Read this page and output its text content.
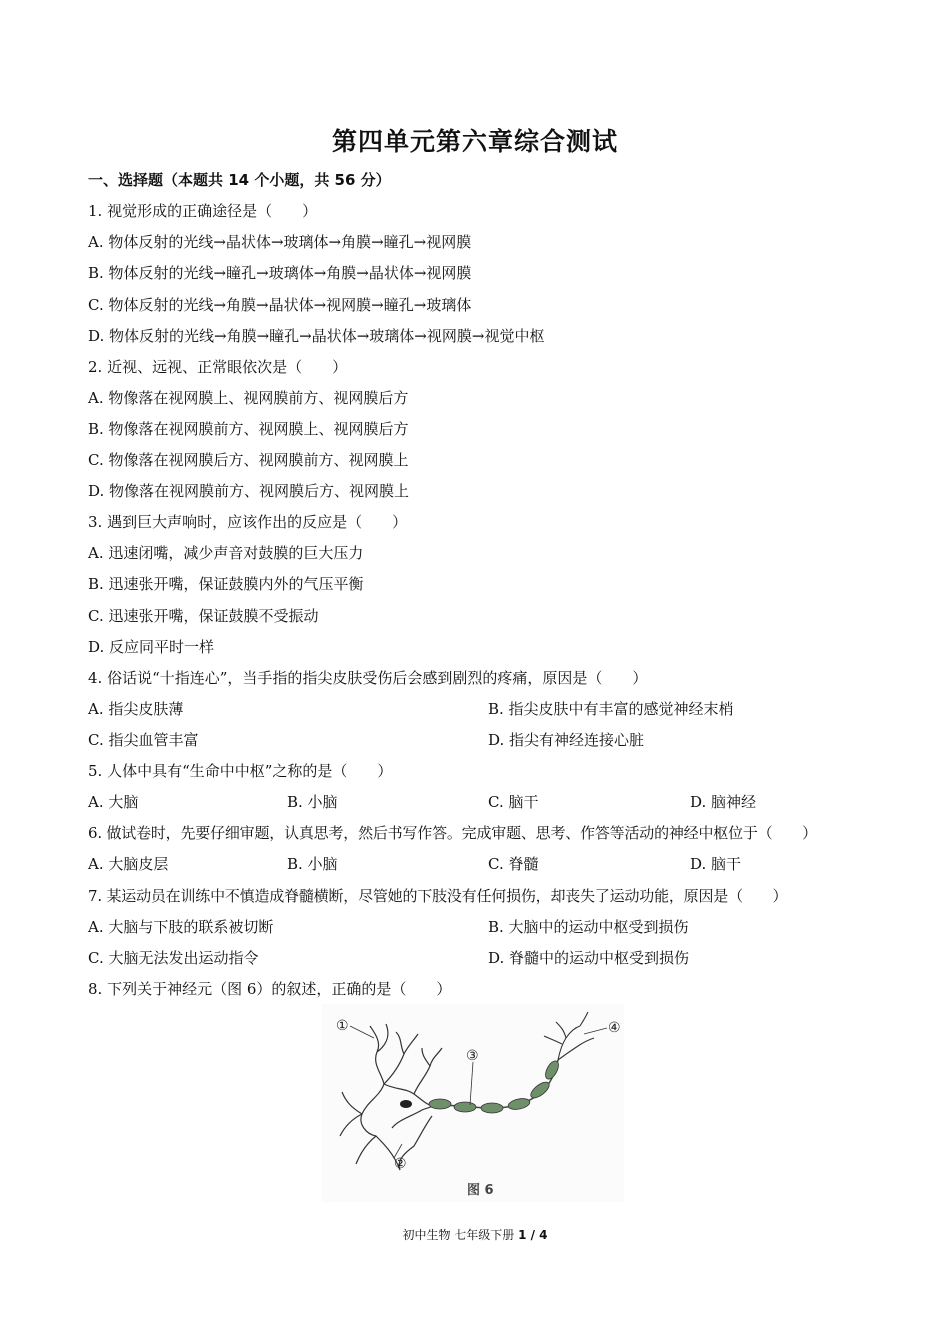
第四单元第六章综合测试
一、选择题（本题共 14 个小题，共 56 分）
1. 视觉形成的正确途径是（　　）
A. 物体反射的光线→晶状体→玻璃体→角膜→瞳孔→视网膜
B. 物体反射的光线→瞳孔→玻璃体→角膜→晶状体→视网膜
C. 物体反射的光线→角膜→晶状体→视网膜→瞳孔→玻璃体
D. 物体反射的光线→角膜→瞳孔→晶状体→玻璃体→视网膜→视觉中枢
2. 近视、远视、正常眼依次是（　　）
A. 物像落在视网膜上、视网膜前方、视网膜后方
B. 物像落在视网膜前方、视网膜上、视网膜后方
C. 物像落在视网膜后方、视网膜前方、视网膜上
D. 物像落在视网膜前方、视网膜后方、视网膜上
3. 遇到巨大声响时，应该作出的反应是（　　）
A. 迅速闭嘴，减少声音对鼓膜的巨大压力
B. 迅速张开嘴，保证鼓膜内外的气压平衡
C. 迅速张开嘴，保证鼓膜不受振动
D. 反应同平时一样
4. 俗话说“十指连心”，当手指的指尖皮肤受伤后会感到剧烈的疼痛，原因是（　　）
A. 指尖皮肤薄	B. 指尖皮肤中有丰富的感觉神经末梢
C. 指尖血管丰富	D. 指尖有神经连接心脏
5. 人体中具有“生命中中枢”之称的是（　　）
A. 大脑	B. 小脑	C. 脑干	D. 脑神经
6. 做试卷时，先要仔细审题，认真思考，然后书写作答。完成审题、思考、作答等活动的神经中枢位于（　　）
A. 大脑皮层	B. 小脑	C. 脊髓	D. 脑干
7. 某运动员在训练中不慎造成脊髓横断，尽管她的下肢没有任何损伤，却丧失了运动功能，原因是（　　）
A. 大脑与下肢的联系被切断	B. 大脑中的运动中枢受到损伤
C. 大脑无法发出运动指令	D. 脊髓中的运动中枢受到损伤
8. 下列关于神经元（图 6）的叙述，正确的是（　　）
①
②
③
④
图 6
初中生物 七年级下册 1 / 4
